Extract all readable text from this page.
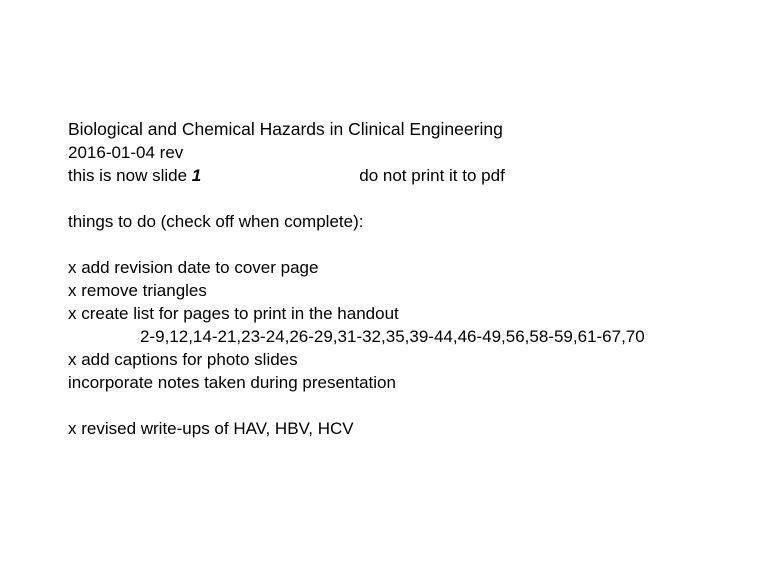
Biological and Chemical Hazards in Clinical Engineering
2016-01-04 rev
this is now slide 1	do not print it to pdf
things to do (check off when complete):
x add revision date to cover page
x remove triangles
x create list for pages to print in the handout
2-9,12,14-21,23-24,26-29,31-32,35,39-44,46-49,56,58-59,61-67,70
x add captions for photo slides
incorporate notes taken during presentation
x revised write-ups of HAV, HBV, HCV
